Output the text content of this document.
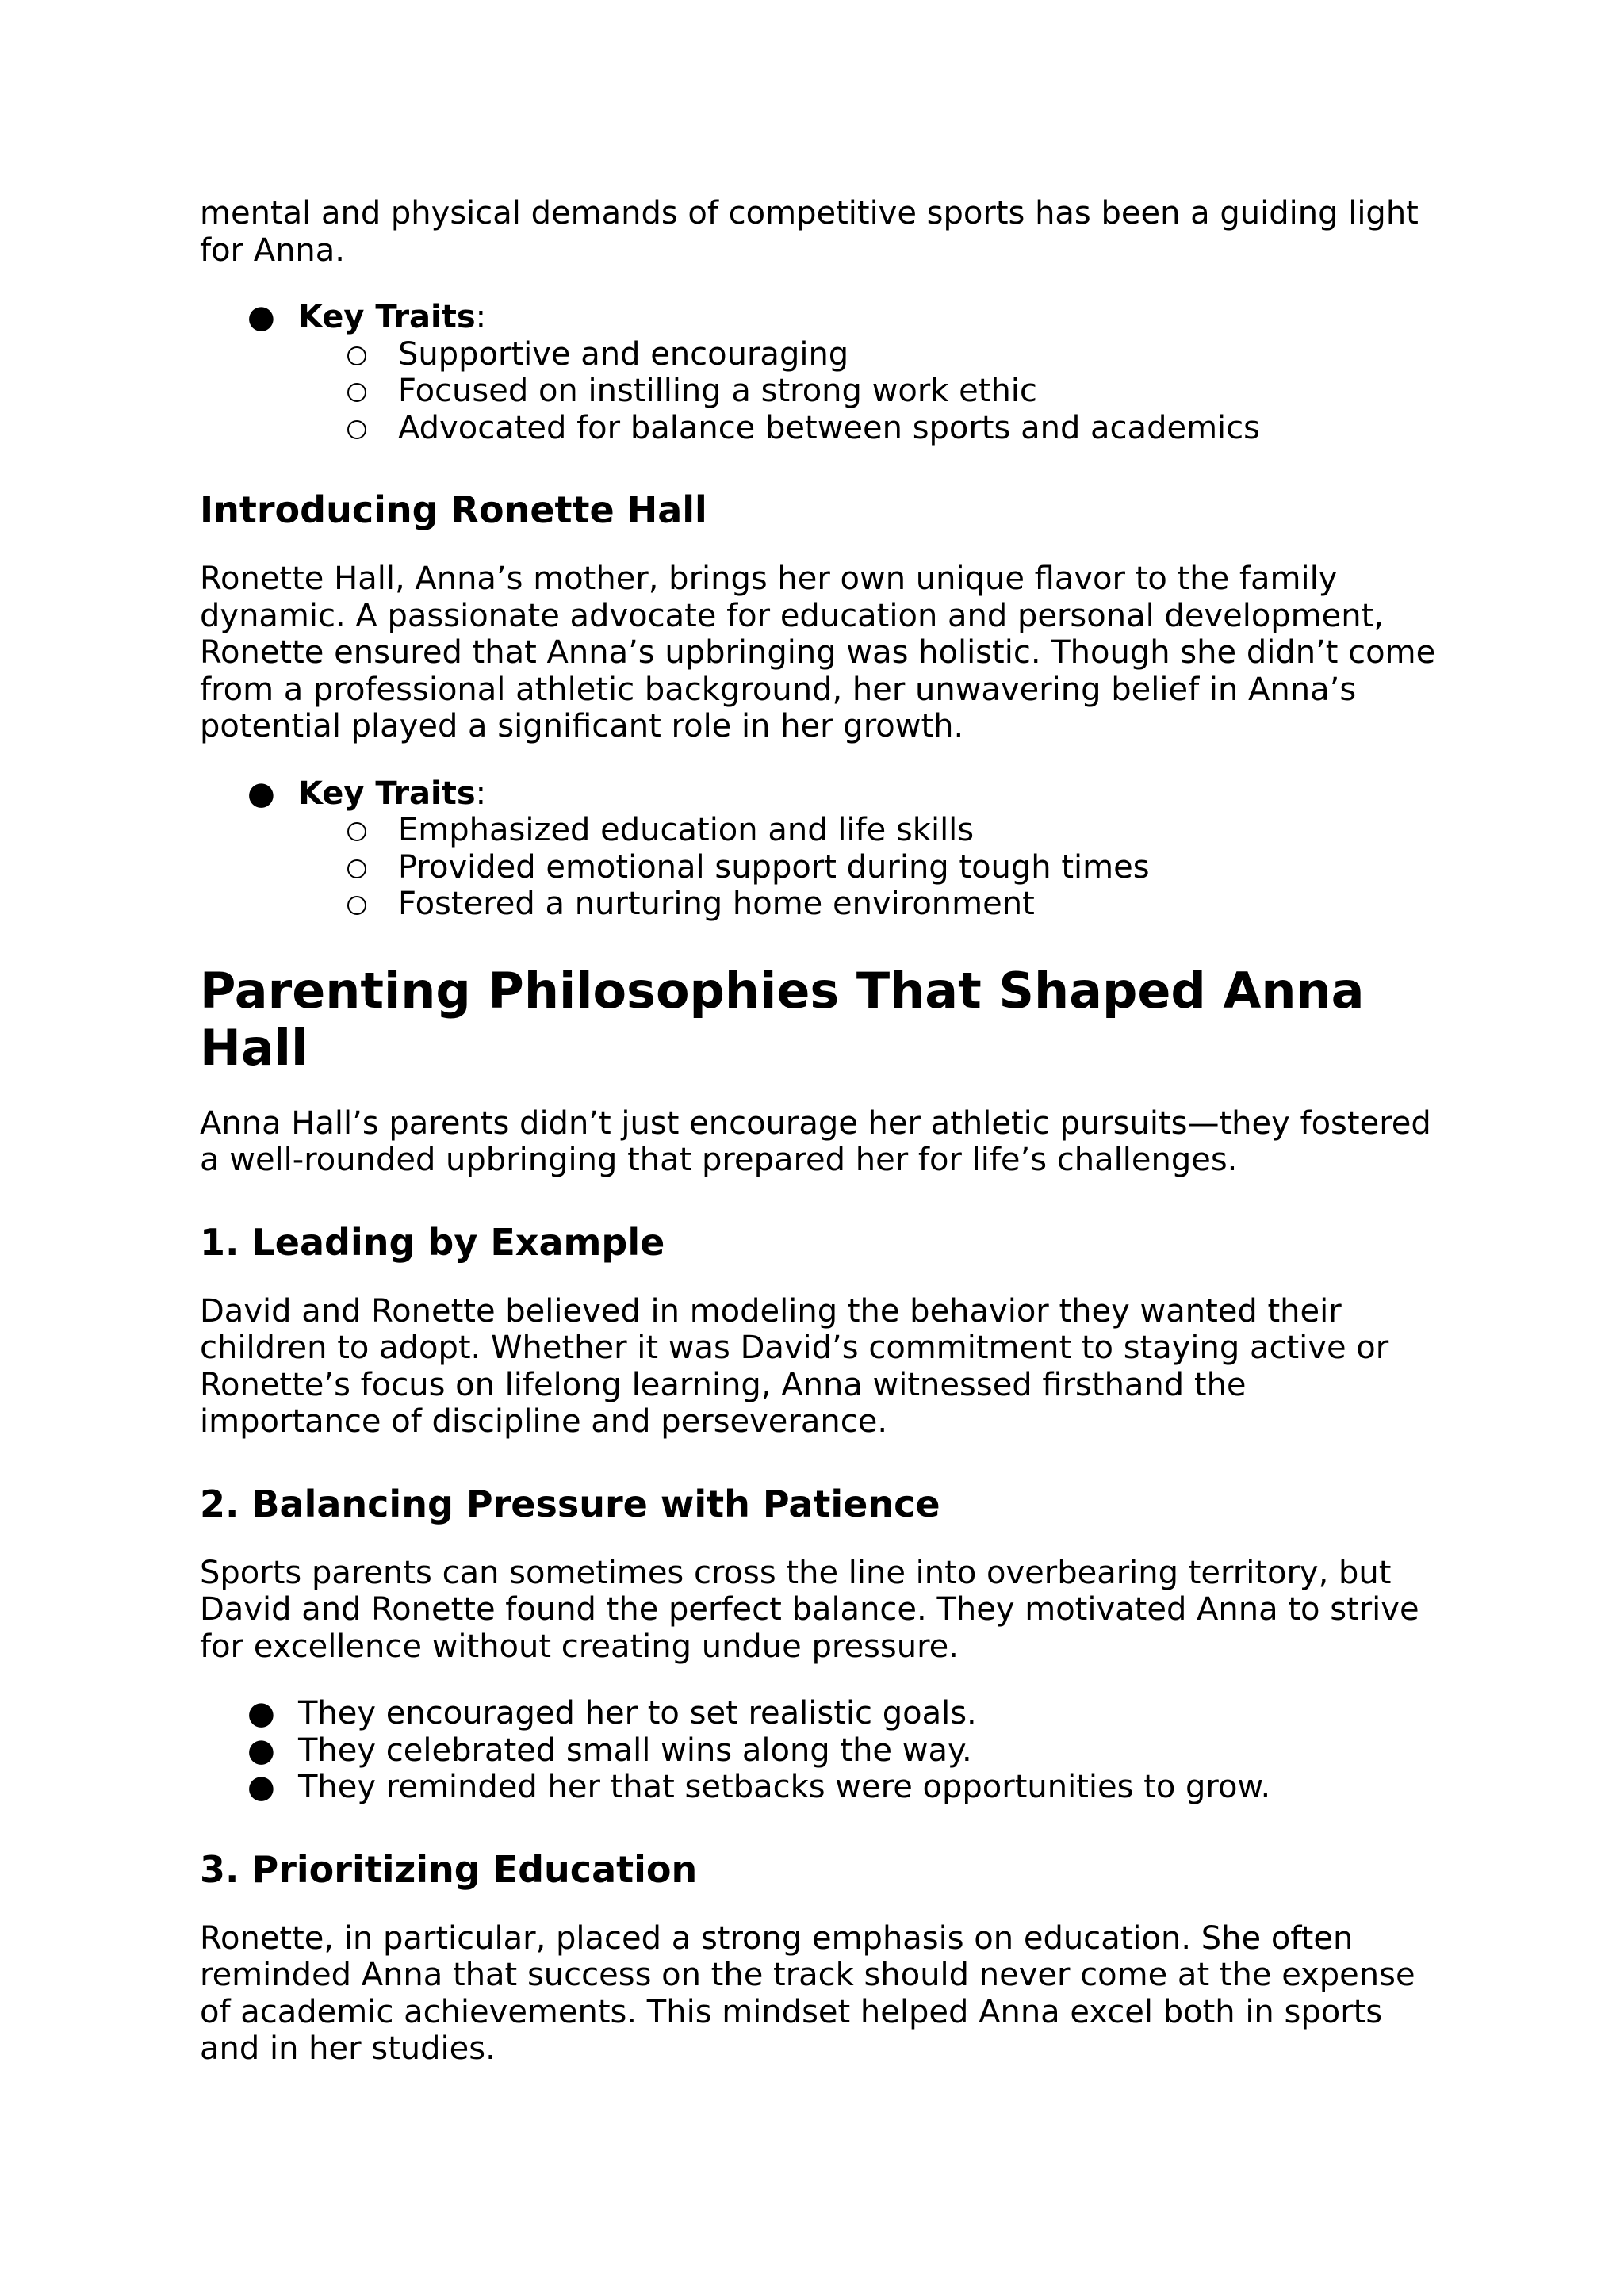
mental and physical demands of competitive sports has been a guiding light for Anna.

● Key Traits:
Supportive and encouraging
Focused on instilling a strong work ethic
Advocated for balance between sports and academics
Introducing Ronette Hall

Ronette Hall, Anna’s mother, brings her own unique flavor to the family dynamic. A passionate advocate for education and personal development, Ronette ensured that Anna’s upbringing was holistic. Though she didn’t come from a professional athletic background, her unwavering belief in Anna’s potential played a significant role in her growth.

● Key Traits:
Emphasized education and life skills
Provided emotional support during tough times
Fostered a nurturing home environment
Parenting Philosophies That Shaped Anna Hall

Anna Hall’s parents didn’t just encourage her athletic pursuits—they fostered a well-rounded upbringing that prepared her for life’s challenges.

1. Leading by Example

David and Ronette believed in modeling the behavior they wanted their children to adopt. Whether it was David’s commitment to staying active or Ronette’s focus on lifelong learning, Anna witnessed firsthand the importance of discipline and perseverance.

2. Balancing Pressure with Patience

Sports parents can sometimes cross the line into overbearing territory, but David and Ronette found the perfect balance. They motivated Anna to strive for excellence without creating undue pressure.

● They encouraged her to set realistic goals.
● They celebrated small wins along the way.
● They reminded her that setbacks were opportunities to grow.
3. Prioritizing Education

Ronette, in particular, placed a strong emphasis on education. She often reminded Anna that success on the track should never come at the expense of academic achievements. This mindset helped Anna excel both in sports and in her studies.
